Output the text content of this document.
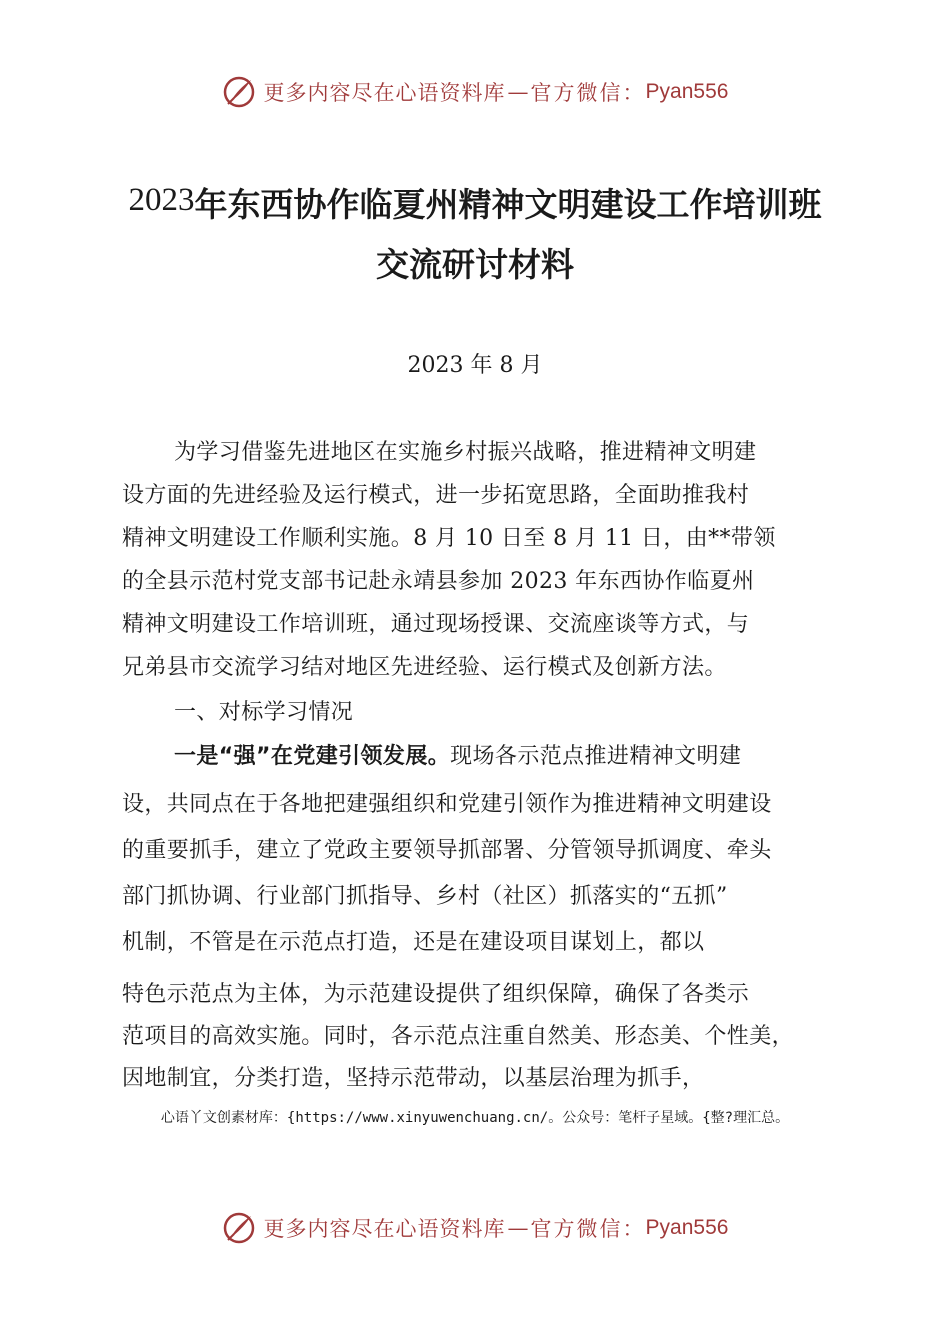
更多内容尽在心语资料库 — 官方微信： Pyan556
2023年东西协作临夏州精神文明建设工作培训班
交流研讨材料
2023 年 8 月
为学习借鉴先进地区在实施乡村振兴战略，推进精神文明建
设方面的先进经验及运行模式，进一步拓宽思路，全面助推我村
精神文明建设工作顺利实施。8 月 10 日至 8 月 11 日，由**带领
的全县示范村党支部书记赴永靖县参加 2023 年东西协作临夏州
精神文明建设工作培训班，通过现场授课、交流座谈等方式，与
兄弟县市交流学习结对地区先进经验、运行模式及创新方法。
一、对标学习情况
一是“强”在党建引领发展。现场各示范点推进精神文明建
设，共同点在于各地把建强组织和党建引领作为推进精神文明建设
的重要抓手，建立了党政主要领导抓部署、分管领导抓调度、牵头
部门抓协调、行业部门抓指导、乡村（社区）抓落实的“五抓”
机制，不管是在示范点打造，还是在建设项目谋划上，都以
特色示范点为主体，为示范建设提供了组织保障，确保了各类示
范项目的高效实施。同时，各示范点注重自然美、形态美、个性美，
因地制宜，分类打造，坚持示范带动，以基层治理为抓手，
心语丫文创素材库：{https://www.xinyuwenchuang.cn/。公众号：笔杆子星域。{整?理汇总。
更多内容尽在心语资料库 — 官方微信： Pyan556
